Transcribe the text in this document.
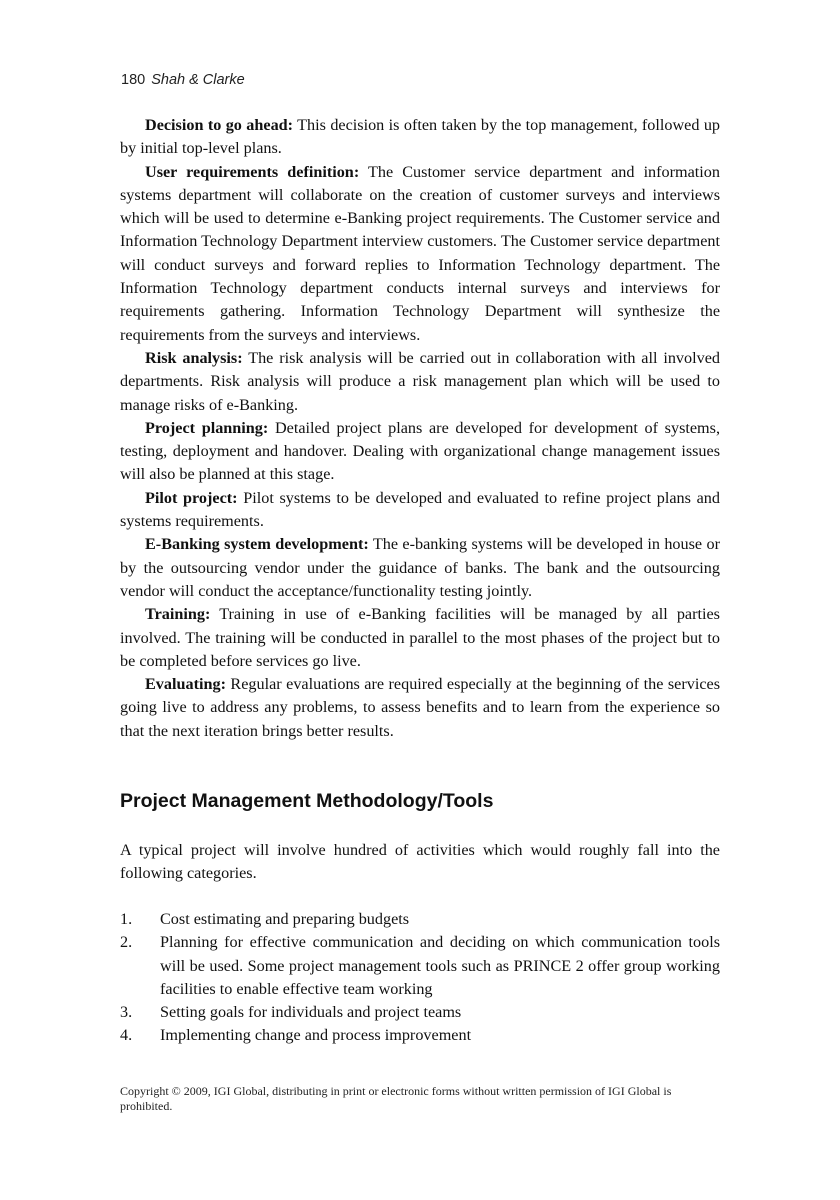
180 Shah & Clarke

Decision to go ahead: This decision is often taken by the top management, followed up by initial top-level plans.

User requirements definition: The Customer service department and information systems department will collaborate on the creation of customer surveys and interviews which will be used to determine e-Banking project requirements. The Customer service and Information Technology Department interview customers. The Customer service department will conduct surveys and forward replies to Information Technology department. The Information Technology department conducts internal surveys and interviews for requirements gathering. Information Technology Department will synthesize the requirements from the surveys and interviews.

Risk analysis: The risk analysis will be carried out in collaboration with all involved departments. Risk analysis will produce a risk management plan which will be used to manage risks of e-Banking.

Project planning: Detailed project plans are developed for development of systems, testing, deployment and handover. Dealing with organizational change management issues will also be planned at this stage.

Pilot project: Pilot systems to be developed and evaluated to refine project plans and systems requirements.

E-Banking system development: The e-banking systems will be developed in house or by the outsourcing vendor under the guidance of banks. The bank and the outsourcing vendor will conduct the acceptance/functionality testing jointly.

Training: Training in use of e-Banking facilities will be managed by all parties involved. The training will be conducted in parallel to the most phases of the project but to be completed before services go live.

Evaluating: Regular evaluations are required especially at the beginning of the services going live to address any problems, to assess benefits and to learn from the experience so that the next iteration brings better results.

Project Management Methodology/Tools

A typical project will involve hundred of activities which would roughly fall into the following categories.

1.	Cost estimating and preparing budgets
2.	Planning for effective communication and deciding on which communication tools will be used. Some project management tools such as PRINCE 2 offer group working facilities to enable effective team working
3.	Setting goals for individuals and project teams
4.	Implementing change and process improvement
Copyright © 2009, IGI Global, distributing in print or electronic forms without written permission of IGI Global is prohibited.
